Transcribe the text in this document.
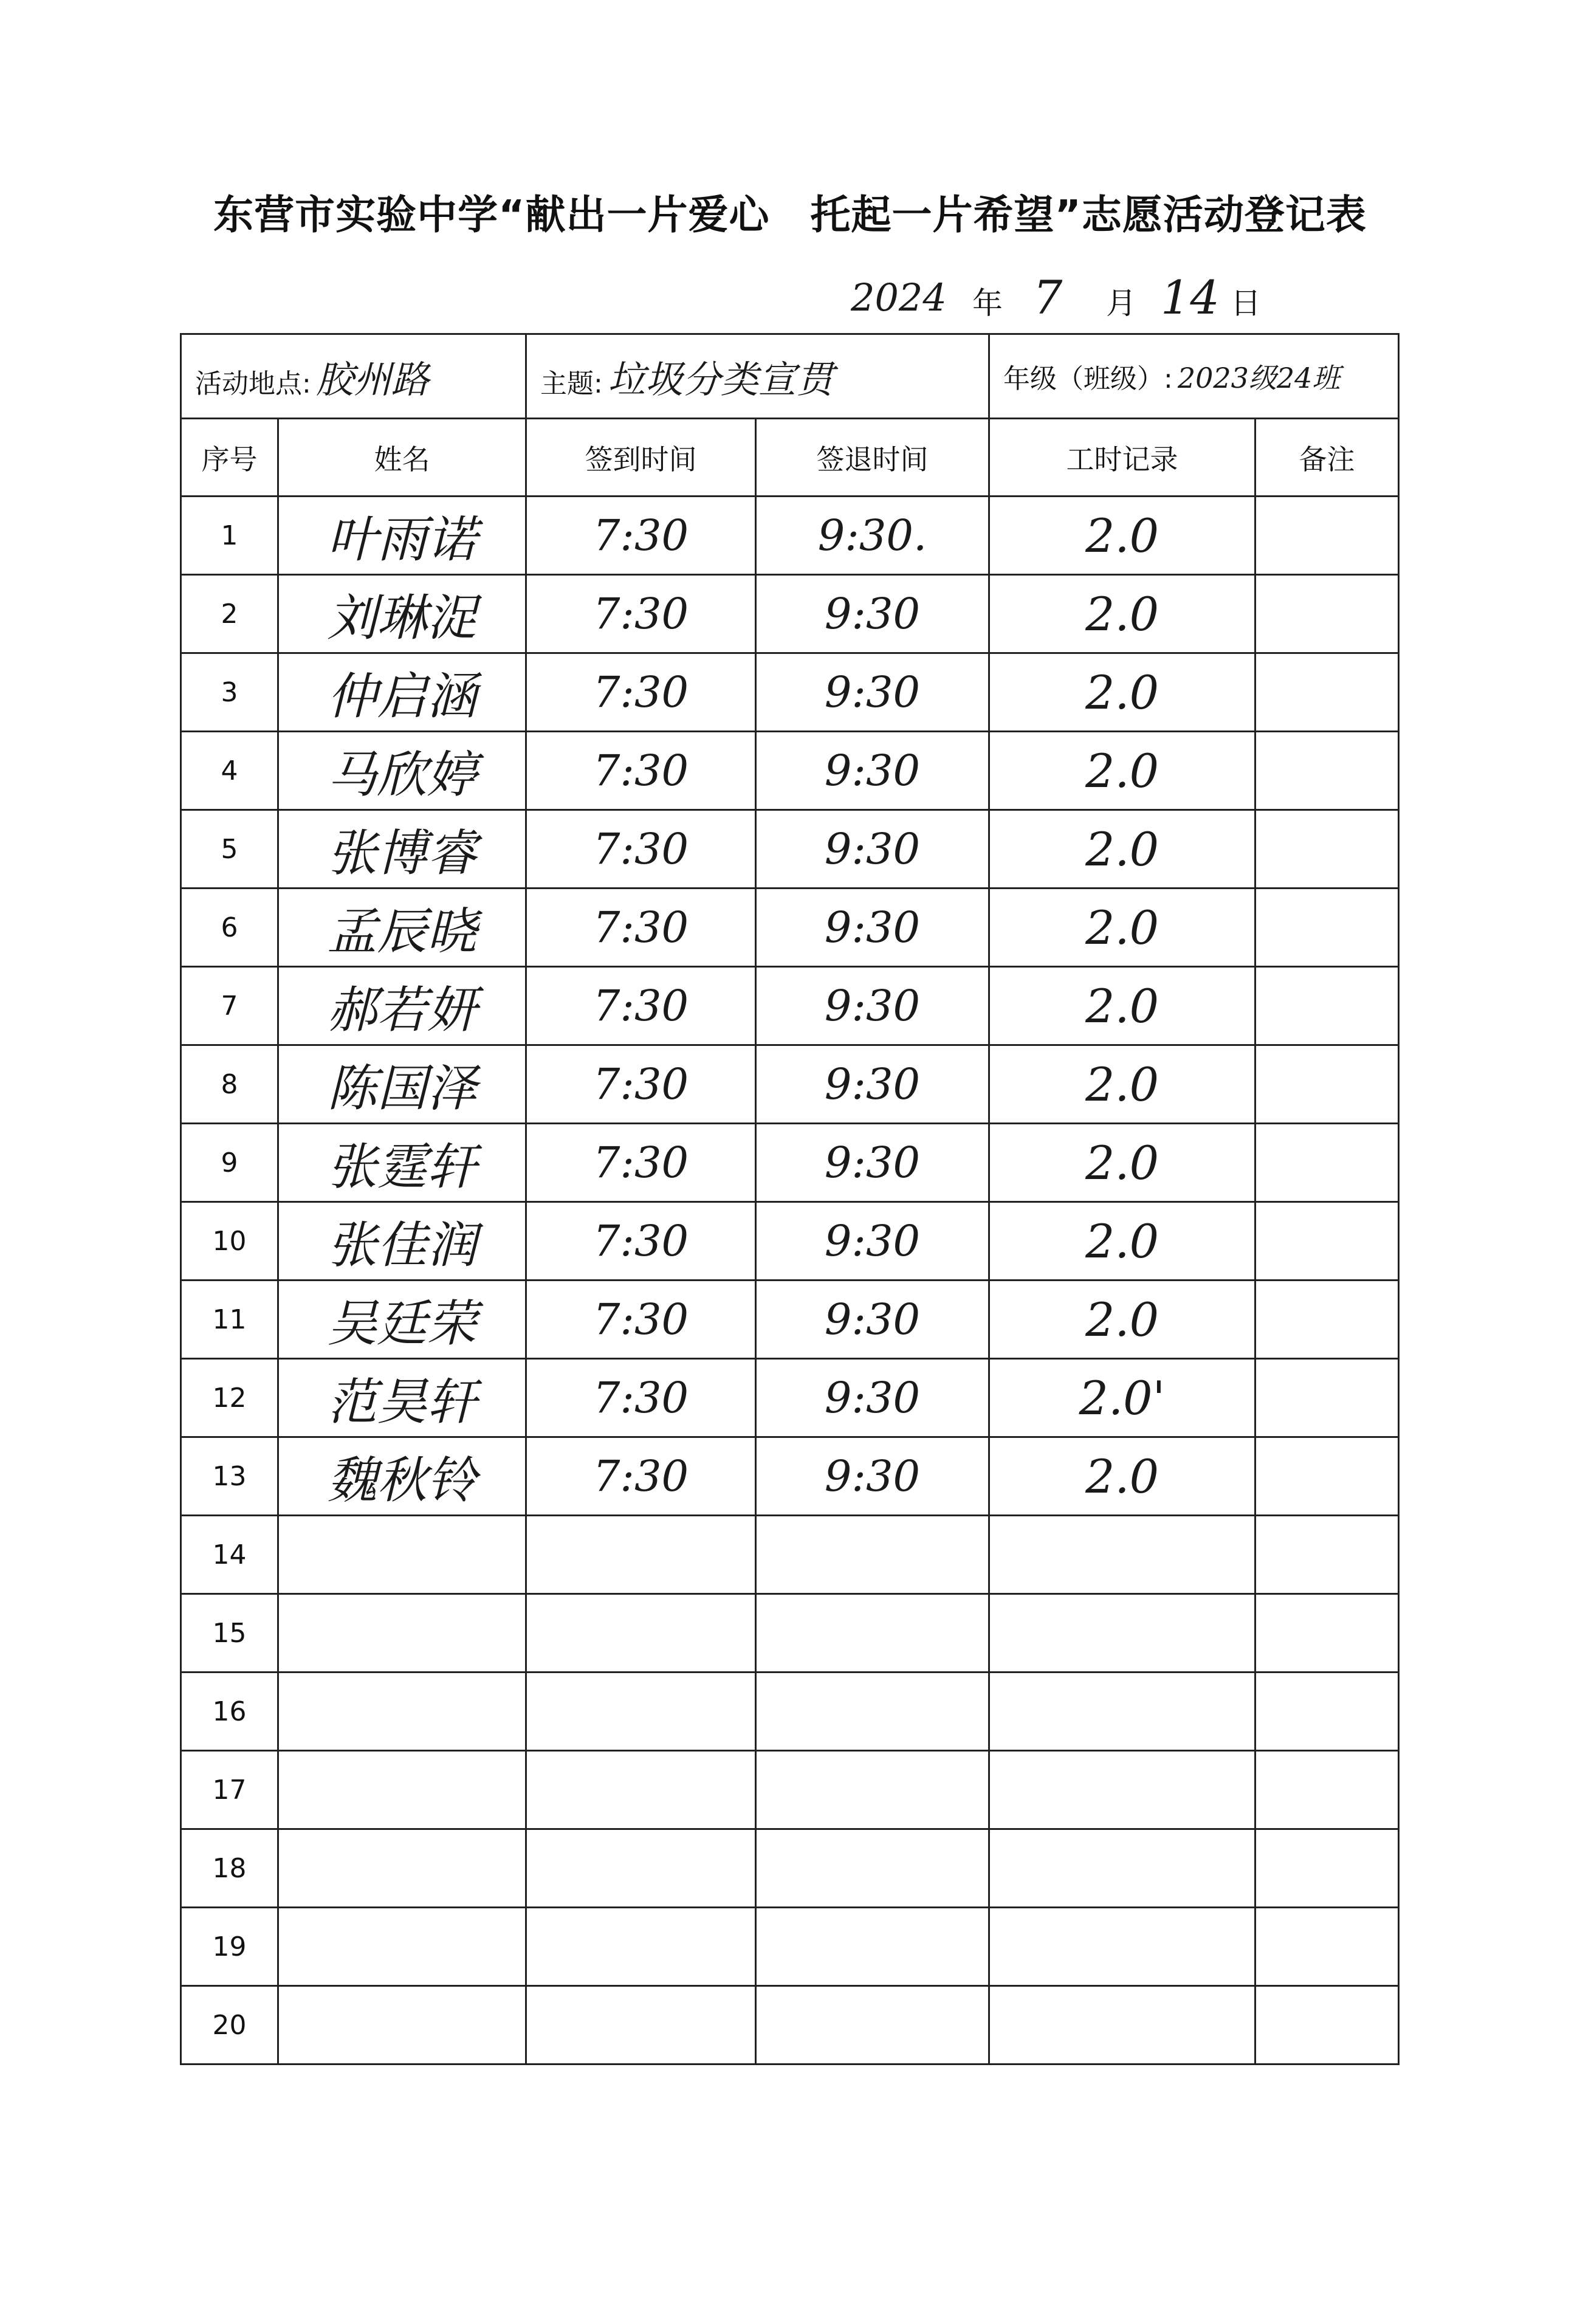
东营市实验中学“献出一片爱心　托起一片希望”志愿活动登记表
2024 年 7 月 14 日
活动地点: 胶州路		主题: 垃圾分类宣贯		年级（班级）: 2023级24班	
序号	姓名	签到时间	签退时间	工时记录	备注
1	叶雨诺	7:30	9:30.	2.0	
2	刘琳浞	7:30	9:30	2.0	
3	仲启涵	7:30	9:30	2.0	
4	马欣婷	7:30	9:30	2.0	
5	张博睿	7:30	9:30	2.0	
6	孟辰晓	7:30	9:30	2.0	
7	郝若妍	7:30	9:30	2.0	
8	陈国泽	7:30	9:30	2.0	
9	张霆轩	7:30	9:30	2.0	
10	张佳润	7:30	9:30	2.0	
11	吴廷荣	7:30	9:30	2.0	
12	范昊轩	7:30	9:30	2.0'	
13	魏秋铃	7:30	9:30	2.0	
14					
15					
16					
17					
18					
19					
20					
